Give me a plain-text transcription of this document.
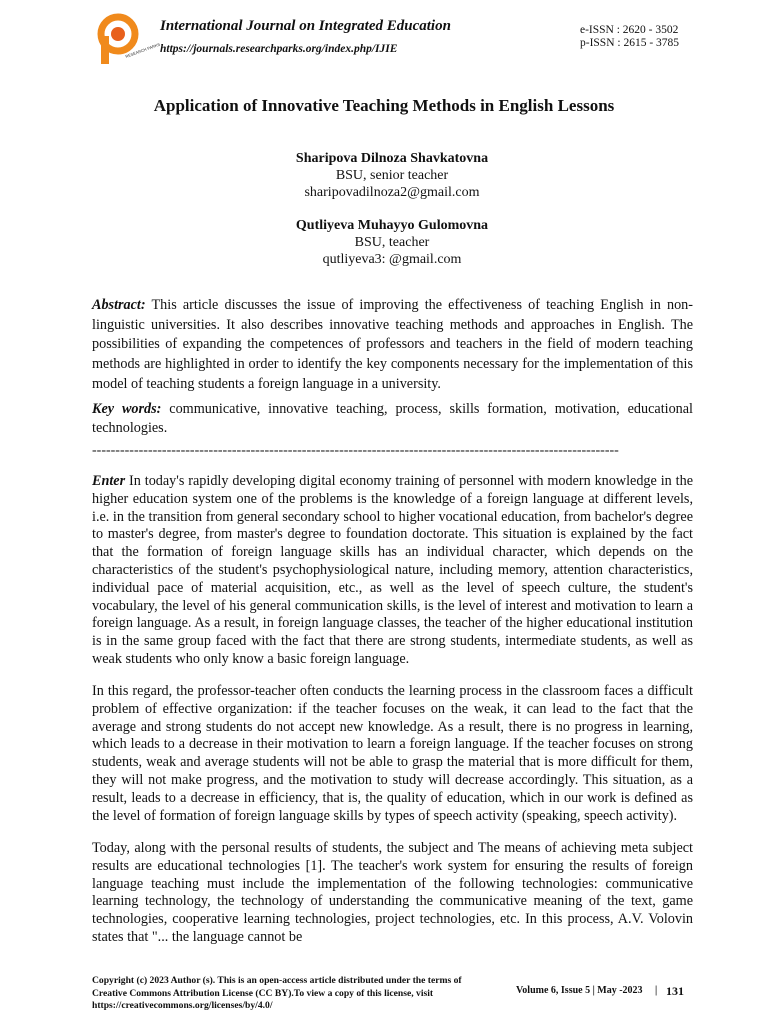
RESEARCH PARKS
International Journal on Integrated Education
https://journals.researchparks.org/index.php/IJIE
e-ISSN : 2620 - 3502
p-ISSN : 2615 - 3785
Application of Innovative Teaching Methods in English Lessons
Sharipova Dilnoza Shavkatovna
BSU, senior teacher
sharipovadilnoza2@gmail.com
Qutliyeva Muhayyo Gulomovna
BSU, teacher
qutliyeva3: @gmail.com
Abstract: This article discusses the issue of improving the effectiveness of teaching English in non-linguistic universities. It also describes innovative teaching methods and approaches in English. The possibilities of expanding the competences of professors and teachers in the field of modern teaching methods are highlighted in order to identify the key components necessary for the implementation of this model of teaching students a foreign language in a university.
Key words: communicative, innovative teaching, process, skills formation, motivation, educational technologies.
-----------------------------------------------------------------------------------------------------------------
Enter In today's rapidly developing digital economy training of personnel with modern knowledge in the higher education system one of the problems is the knowledge of a foreign language at different levels, i.e. in the transition from general secondary school to higher vocational education, from bachelor's degree to master's degree, from master's degree to foundation doctorate. This situation is explained by the fact that the formation of foreign language skills has an individual character, which depends on the characteristics of the student's psychophysiological nature, including memory, attention characteristics, individual pace of material acquisition, etc., as well as the level of speech culture, the student's vocabulary, the level of his general communication skills, is the level of interest and motivation to learn a foreign language. As a result, in foreign language classes, the teacher of the higher educational institution is in the same group faced with the fact that there are strong students, intermediate students, as well as weak students who only know a basic foreign language.
In this regard, the professor-teacher often conducts the learning process in the classroom faces a difficult problem of effective organization: if the teacher focuses on the weak, it can lead to the fact that the average and strong students do not accept new knowledge. As a result, there is no progress in learning, which leads to a decrease in their motivation to learn a foreign language. If the teacher focuses on strong students, weak and average students will not be able to grasp the material that is more difficult for them, they will not make progress, and the motivation to study will decrease accordingly. This situation, as a result, leads to a decrease in efficiency, that is, the quality of education, which in our work is defined as the level of formation of foreign language skills by types of speech activity (speaking, speech activity).
Today, along with the personal results of students, the subject and The means of achieving meta subject results are educational technologies [1]. The teacher's work system for ensuring the results of foreign language teaching must include the implementation of the following technologies: communicative learning technology, the technology of understanding the communicative meaning of the text, game technologies, cooperative learning technologies, project technologies, etc. In this process, A.V. Volovin states that "... the language cannot be
Copyright (c) 2023 Author (s). This is an open-access article distributed under the terms of Creative Commons Attribution License (CC BY).To view a copy of this license, visit https://creativecommons.org/licenses/by/4.0/
Volume 6, Issue 5 | May -2023 | 131
